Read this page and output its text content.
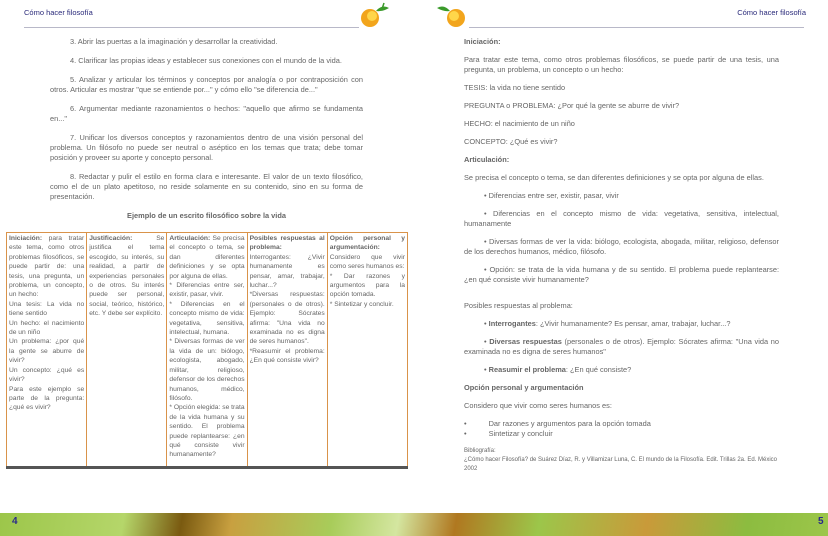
Cómo hacer filosofía

3. Abrir las puertas a la imaginación y desarrollar la creatividad.

4. Clarificar las propias ideas y establecer sus conexiones con el mundo de la vida.

5. Analizar y articular los términos y conceptos por analogía o por contraposición con otros. Articular es mostrar "que se entiende por..." y cómo ello "se diferencia de..."

6. Argumentar mediante razonamientos o hechos: "aquello que afirmo se fundamenta en..."

7. Unificar los diversos conceptos y razonamientos dentro de una visión personal del problema. Un filósofo no puede ser neutral o aséptico en los temas que trata; debe tomar posición y proveer su aporte y concepto personal.

8. Redactar y pulir el estilo en forma clara e interesante. El valor de un texto filosófico, como el de un plato apetitoso, no reside solamente en su contenido, sino en su forma de presentación.

Ejemplo de un escrito filosófico sobre la vida

Iniciación: para tratar este tema, como otros problemas filosóficos, se puede partir de: una tesis, una pregunta, un problema, un concepto, un hecho:
Una tesis: La vida no tiene sentido
Un hecho: el nacimiento de un niño
Un problema: ¿por qué la gente se aburre de vivir?
Un concepto: ¿qué es vivir?
Para este ejemplo se parte de la pregunta: ¿qué es vivir?	Justificación:	Se justifica el tema escogido, su interés, su realidad, a partir de experiencias personales o de otros. Su interés puede ser personal, social, teórico, histórico, etc. Y debe ser explícito.	Articulación: Se precisa el concepto o tema, se dan diferentes definiciones y se opta por alguna de ellas.
* Diferencias entre ser, existir, pasar, vivir.
* Diferencias en el concepto mismo de vida: vegetativa, sensitiva, intelectual, humana.
* Diversas formas de ver la vida de un: biólogo, ecologista, abogado, militar, religioso, defensor de los derechos humanos, médico, filósofo.
* Opción elegida: se trata de la vida humana y su sentido. El problema puede replantearse: ¿en qué consiste vivir humanamente?	Posibles respuestas al problema: Interrogantes: ¿Vivir humanamente es pensar, amar, trabajar, luchar...?
*Diversas respuestas: (personales o de otros). Ejemplo: Sócrates afirma: "Una vida no examinada no es digna de seres humanos".
*Reasumir el problema: ¿En qué consiste vivir?	Opción personal y argumentación: Considero que vivir como seres humanos es:
* Dar razones y argumentos para la opción tomada.
* Sintetizar y concluir.
Cómo hacer filosofía

Iniciación:

Para tratar este tema, como otros problemas filosóficos, se puede partir de una tesis, una pregunta, un problema, un concepto o un hecho:

TESIS: la vida no tiene sentido

PREGUNTA o PROBLEMA: ¿Por qué la gente se aburre de vivir?

HECHO: el nacimiento de un niño

CONCEPTO: ¿Qué es vivir?

Articulación:

Se precisa el concepto o tema, se dan diferentes definiciones y se opta por alguna de ellas.

• Diferencias entre ser, existir, pasar, vivir

• Diferencias en el concepto mismo de vida: vegetativa, sensitiva, intelectual, humanamente

• Diversas formas de ver la vida: biólogo, ecologista, abogada, militar, religioso, defensor de los derechos humanos, médico, filósofo.

• Opción: se trata de la vida humana y de su sentido. El problema puede replantearse: ¿en qué consiste vivir humanamente?

Posibles respuestas al problema:

• Interrogantes: ¿Vivir humanamente? Es pensar, amar, trabajar, luchar...?

• Diversas respuestas (personales o de otros). Ejemplo: Sócrates afirma: "Una vida no examinada no es digna de seres humanos"

• Reasumir el problema: ¿En qué consiste?

Opción personal y argumentación

Considero que vivir como seres humanos es:

•	Dar razones y argumentos para la opción tomada
•	Sintetizar y concluir
Bibliografía:
¿Cómo hacer Filosofía? de Suárez Díaz, R. y Villamizar Luna, C. El mundo de la Filosofía. Edit. Trillas 2a. Ed. México 2002
4	5
